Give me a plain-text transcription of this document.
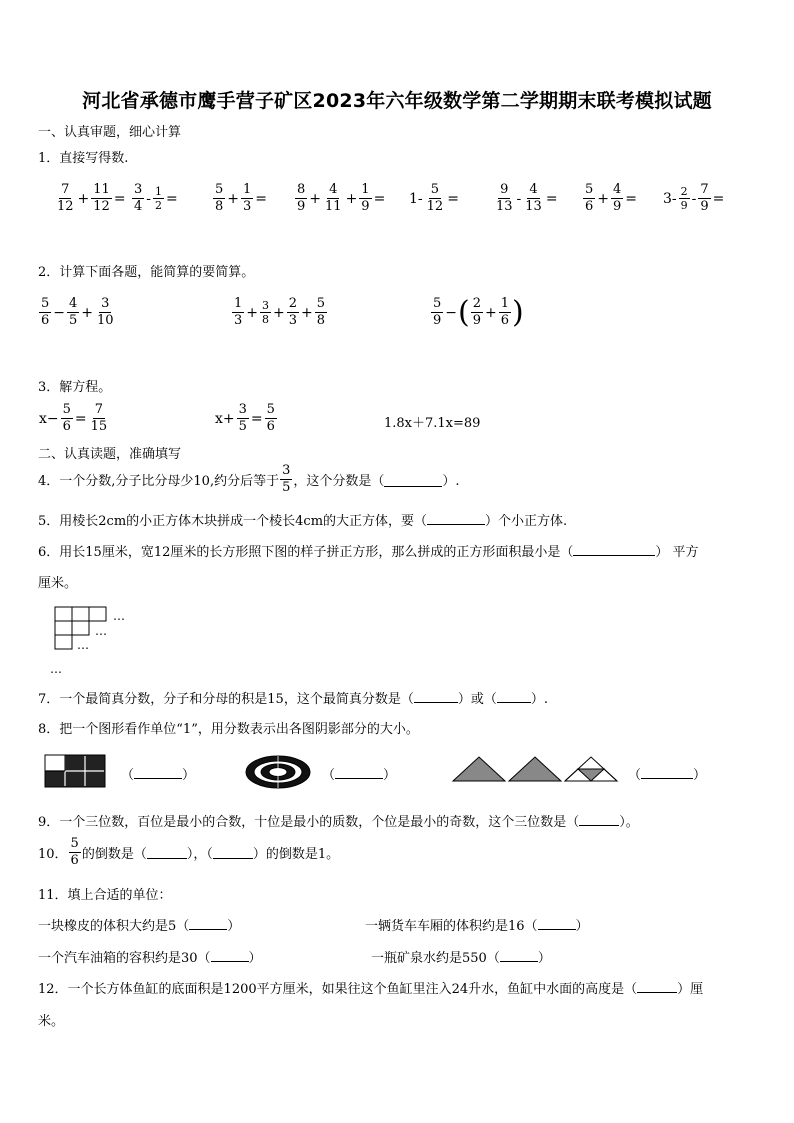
河北省承德市鹰手营子矿区2023年六年级数学第二学期期末联考模拟试题
一、认真审题，细心计算
1．直接写得数.
$\frac{7}{12} + \frac{11}{12} = \frac{3}{4} - \frac{1}{2}$ =	$\frac{5}{8} + \frac{1}{3} = \frac{8}{9} + \frac{4}{11} + \frac{1}{9} = 1- \frac{5}{12}$ =	$\frac{9}{13} - \frac{4}{13} = \frac{5}{6} + \frac{4}{9} = 3- \frac{2}{9} - \frac{7}{9}$ =
2．计算下面各题，能简算的要简算。
$\frac{5}{6} - \frac{4}{5} + \frac{3}{10}$	$\frac{1}{3} + \frac{3}{8} + \frac{2}{3} + \frac{5}{8}$	$\frac{5}{9}$ − ( $\frac{2}{9} + \frac{1}{6}$ )
3．解方程。
$x- \frac{5}{6} = \frac{7}{15}$	$x+ \frac{3}{5} = \frac{5}{6}$	1.8x＋7.1x=89
二、认真读题，准确填写
4．一个分数,分子比分母少10,约分后等于 $\frac{3}{5}$ ，这个分数是（	）.
5．用棱长2cm的小正方体木块拼成一个棱长4cm的大正方体，要（	）个小正方体.
6．用长15厘米，宽12厘米的长方形照下图的样子拼正方形，那么拼成的正方形面积最小是（	） 平方
厘米。
…
…
…
…
7．一个最简真分数，分子和分母的积是15，这个最简真分数是（	）或（	）.
8．把一个图形看作单位“1”，用分数表示出各图阴影部分的大小。
（	）	（	）	（	）
9．一个三位数，百位是最小的合数，十位是最小的质数，个位是最小的奇数，这个三位数是（	）。
10． $\frac{5}{6}$ 的倒数是（	），（	）的倒数是1。
11．填上合适的单位：
一块橡皮的体积大约是5（	）	一辆货车车厢的体积约是16（	）
一个汽车油箱的容积约是30（	）	一瓶矿泉水约是550（	）
12．一个长方体鱼缸的底面积是1200平方厘米，如果往这个鱼缸里注入24升水，鱼缸中水面的高度是（	）厘
米。
